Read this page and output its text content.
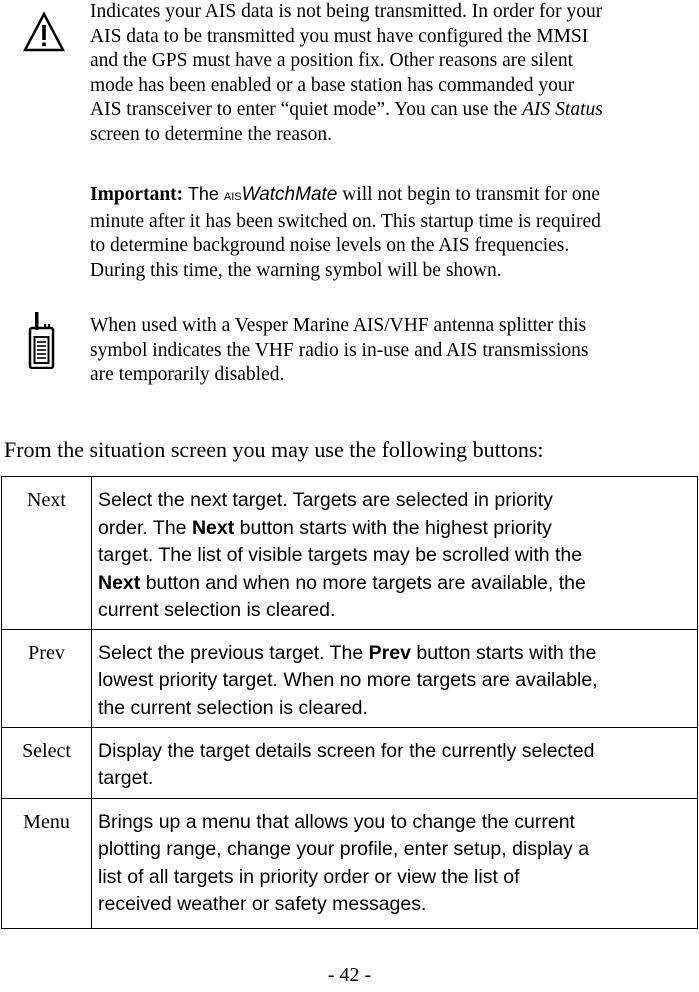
Indicates your AIS data is not being transmitted. In order for your
AIS data to be transmitted you must have configured the MMSI
and the GPS must have a position fix. Other reasons are silent
mode has been enabled or a base station has commanded your
AIS transceiver to enter “quiet mode”. You can use the AIS Status
screen to determine the reason.
Important: The AISWatchMate will not begin to transmit for one
minute after it has been switched on. This startup time is required
to determine background noise levels on the AIS frequencies.
During this time, the warning symbol will be shown.
When used with a Vesper Marine AIS/VHF antenna splitter this
symbol indicates the VHF radio is in-use and AIS transmissions
are temporarily disabled.
From the situation screen you may use the following buttons:
Next	Select the next target. Targets are selected in priority
order. The Next button starts with the highest priority
target. The list of visible targets may be scrolled with the
Next button and when no more targets are available, the
current selection is cleared.

Prev	Select the previous target. The Prev button starts with the
lowest priority target. When no more targets are available,
the current selection is cleared.

Select	Display the target details screen for the currently selected
target.

Menu	Brings up a menu that allows you to change the current
plotting range, change your profile, enter setup, display a
list of all targets in priority order or view the list of
received weather or safety messages.
- 42 -
